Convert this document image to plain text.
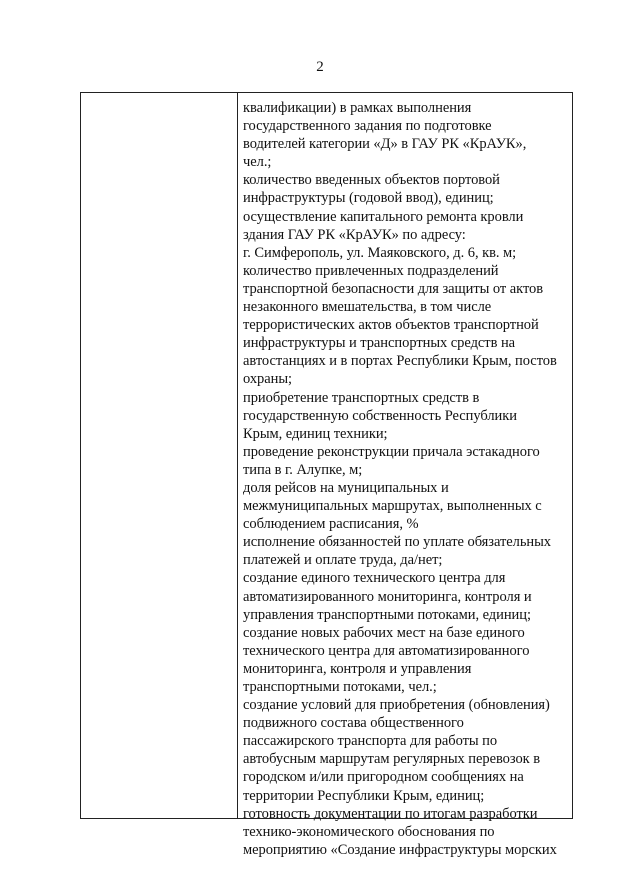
2
квалификации) в рамках выполнения
государственного задания по подготовке
водителей категории «Д» в ГАУ РК «КрАУК»,
чел.;
количество введенных объектов портовой
инфраструктуры (годовой ввод), единиц;
осуществление капитального ремонта кровли
здания ГАУ РК «КрАУК» по адресу:
г. Симферополь, ул. Маяковского, д. 6, кв. м;
количество привлеченных подразделений
транспортной безопасности для защиты от актов
незаконного вмешательства, в том числе
террористических актов объектов транспортной
инфраструктуры и транспортных средств на
автостанциях и в портах Республики Крым, постов
охраны;
приобретение транспортных средств в
государственную собственность Республики
Крым, единиц техники;
проведение реконструкции причала эстакадного
типа в г. Алупке, м;
доля рейсов на муниципальных и
межмуниципальных маршрутах, выполненных с
соблюдением расписания, %
исполнение обязанностей по уплате обязательных
платежей и оплате труда, да/нет;
создание единого технического центра для
автоматизированного мониторинга, контроля и
управления транспортными потоками, единиц;
создание новых рабочих мест на базе единого
технического центра для автоматизированного
мониторинга, контроля и управления
транспортными потоками, чел.;
создание условий для приобретения (обновления)
подвижного состава общественного
пассажирского транспорта для работы по
автобусным маршрутам регулярных перевозок в
городском и/или пригородном сообщениях на
территории Республики Крым, единиц;
готовность документации по итогам разработки
технико-экономического обоснования по
мероприятию «Создание инфраструктуры морских
